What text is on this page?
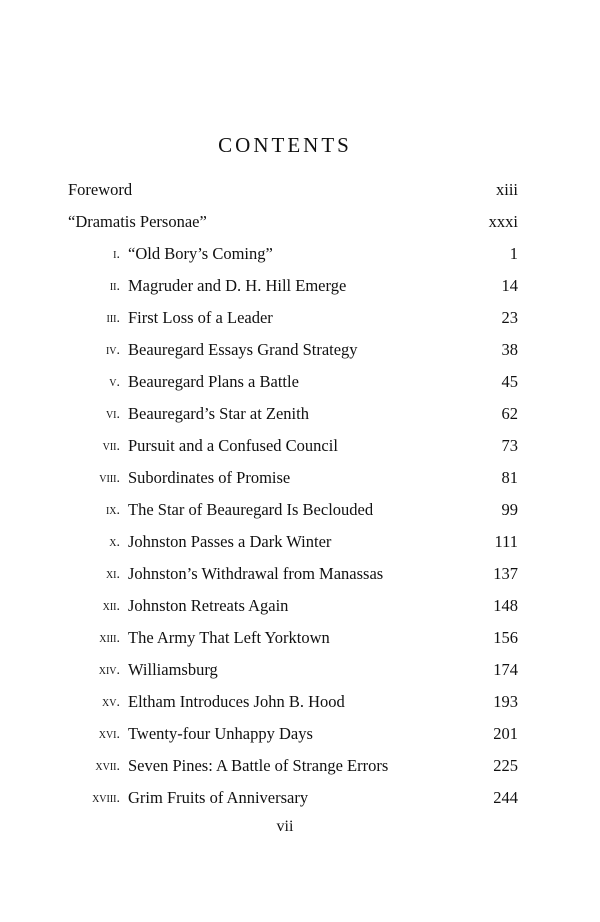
CONTENTS
Foreword	xiii
“Dramatis Personae”	xxxi
i. “Old Bory’s Coming”	1
ii. Magruder and D. H. Hill Emerge	14
iii. First Loss of a Leader	23
iv. Beauregard Essays Grand Strategy	38
v. Beauregard Plans a Battle	45
vi. Beauregard’s Star at Zenith	62
vii. Pursuit and a Confused Council	73
viii. Subordinates of Promise	81
ix. The Star of Beauregard Is Beclouded	99
x. Johnston Passes a Dark Winter	111
xi. Johnston’s Withdrawal from Manassas	137
xii. Johnston Retreats Again	148
xiii. The Army That Left Yorktown	156
xiv. Williamsburg	174
xv. Eltham Introduces John B. Hood	193
xvi. Twenty-four Unhappy Days	201
xvii. Seven Pines: A Battle of Strange Errors	225
xviii. Grim Fruits of Anniversary	244
vii
